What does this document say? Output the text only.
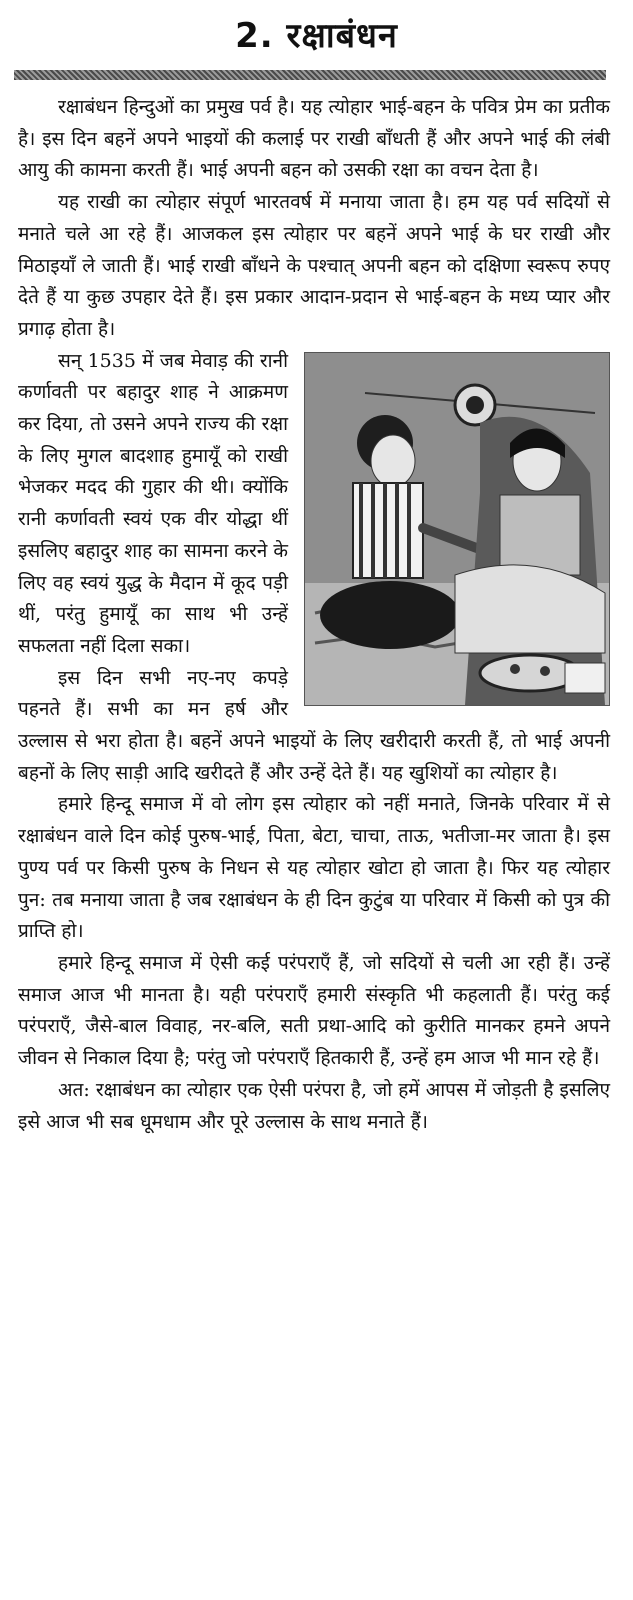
2. रक्षाबंधन

रक्षाबंधन हिन्दुओं का प्रमुख पर्व है। यह त्योहार भाई-बहन के पवित्र प्रेम का प्रतीक है। इस दिन बहनें अपने भाइयों की कलाई पर राखी बाँधती हैं और अपने भाई की लंबी आयु की कामना करती हैं। भाई अपनी बहन को उसकी रक्षा का वचन देता है।

यह राखी का त्योहार संपूर्ण भारतवर्ष में मनाया जाता है। हम यह पर्व सदियों से मनाते चले आ रहे हैं। आजकल इस त्योहार पर बहनें अपने भाई के घर राखी और मिठाइयाँ ले जाती हैं। भाई राखी बाँधने के पश्चात् अपनी बहन को दक्षिणा स्वरूप रुपए देते हैं या कुछ उपहार देते हैं। इस प्रकार आदान-प्रदान से भाई-बहन के मध्य प्यार और प्रगाढ़ होता है।

सन् 1535 में जब मेवाड़ की रानी कर्णावती पर बहादुर शाह ने आक्रमण कर दिया, तो उसने अपने राज्य की रक्षा के लिए मुगल बादशाह हुमायूँ को राखी भेजकर मदद की गुहार की थी। क्योंकि रानी कर्णावती स्वयं एक वीर योद्धा थीं इसलिए बहादुर शाह का सामना करने के लिए वह स्वयं युद्ध के मैदान में कूद पड़ी थीं, परंतु हुमायूँ का साथ भी उन्हें सफलता नहीं दिला सका।

इस दिन सभी नए-नए कपड़े पहनते हैं। सभी का मन हर्ष और उल्लास से भरा होता है। बहनें अपने भाइयों के लिए खरीदारी करती हैं, तो भाई अपनी बहनों के लिए साड़ी आदि खरीदते हैं और उन्हें देते हैं। यह खुशियों का त्योहार है।

हमारे हिन्दू समाज में वो लोग इस त्योहार को नहीं मनाते, जिनके परिवार में से रक्षाबंधन वाले दिन कोई पुरुष-भाई, पिता, बेटा, चाचा, ताऊ, भतीजा-मर जाता है। इस पुण्य पर्व पर किसी पुरुष के निधन से यह त्योहार खोटा हो जाता है। फिर यह त्योहार पुन: तब मनाया जाता है जब रक्षाबंधन के ही दिन कुटुंब या परिवार में किसी को पुत्र की प्राप्ति हो।

हमारे हिन्दू समाज में ऐसी कई परंपराएँ हैं, जो सदियों से चली आ रही हैं। उन्हें समाज आज भी मानता है। यही परंपराएँ हमारी संस्कृति भी कहलाती हैं। परंतु कई परंपराएँ, जैसे-बाल विवाह, नर-बलि, सती प्रथा-आदि को कुरीति मानकर हमने अपने जीवन से निकाल दिया है; परंतु जो परंपराएँ हितकारी हैं, उन्हें हम आज भी मान रहे हैं।

अत: रक्षाबंधन का त्योहार एक ऐसी परंपरा है, जो हमें आपस में जोड़ती है इसलिए इसे आज भी सब धूमधाम और पूरे उल्लास के साथ मनाते हैं।
